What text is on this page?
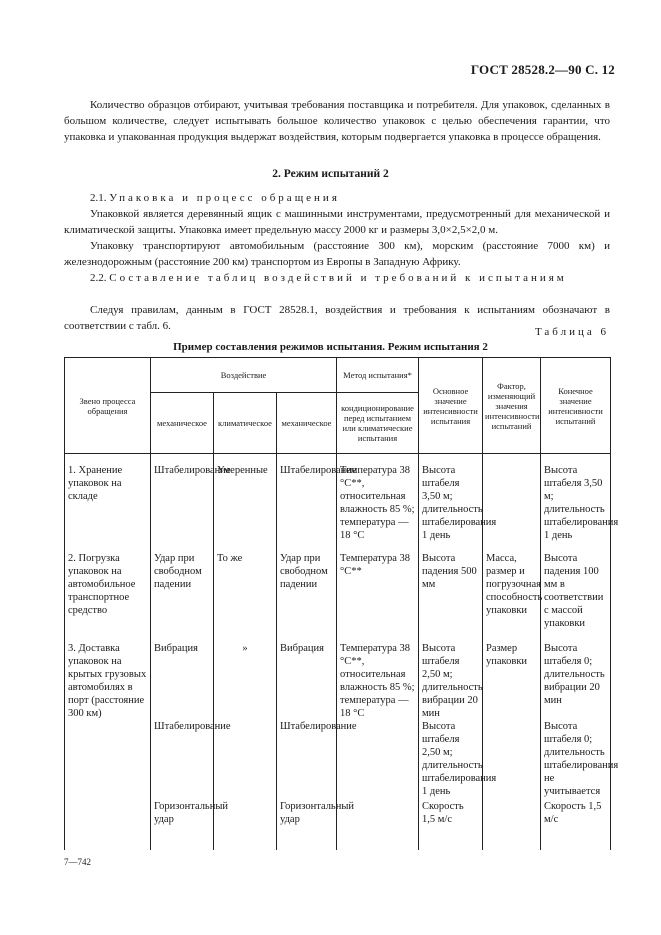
ГОСТ 28528.2—90 С. 12

Количество образцов отбирают, учитывая требования поставщика и потребителя. Для упаковок, сделанных в большом количестве, следует испытывать большое количество упаковок с целью обеспечения гарантии, что упаковка и упакованная продукция выдержат воздействия, которым подвергается упаковка в процессе обращения.

2. Режим испытаний 2

2.1. Упаковка и процесс обращения

Упаковкой является деревянный ящик с машинными инструментами, предусмотренный для механической и климатической защиты. Упаковка имеет предельную массу 2000 кг и размеры 3,0×2,5×2,0 м.

Упаковку транспортируют автомобильным (расстояние 300 км), морским (расстояние 7000 км) и железнодорожным (расстояние 200 км) транспортом из Европы в Западную Африку.

2.2. Составление таблиц воздействий и требований к испытаниям

Следуя правилам, данным в ГОСТ 28528.1, воздействия и требования к испытаниям обозначают в соответствии с табл. 6.	Таблица 6
Пример составления режимов испытания. Режим испытания 2
Звено процесса обращения	Воздействие			Метод испытания*	Основное значение интенсивности испытания	Фактор, изменяющий значения интенсивности испытаний	Конечное значение интенсивности испытаний
	механическое	климатическое	механическое	кондиционирование перед испытанием или климатические испытания			

1. Хранение упаковок на складе	Штабелирование	Умеренные	Штабелирование	Температура 38 °С**, относительная влажность 85 %; температура — 18 °С	Высота штабеля 3,50 м; длительность штабелирования 1 день		Высота штабеля 3,50 м; длительность штабелирования 1 день
2. Погрузка упаковок на автомобильное транспортное средство	Удар при свободном падении	То же	Удар при свободном падении	Температура 38 °С**	Высота падения 500 мм	Масса, размер и погрузочная способность упаковки	Высота падения 100 мм в соответствии с массой упаковки
3. Доставка упаковок на крытых грузовых автомобилях в порт (расстояние 300 км)	Вибрация	»	Вибрация	Температура 38 °С**, относительная влажность 85 %; температура — 18 °С	Высота штабеля 2,50 м; длительность вибрации 20 мин	Размер упаковки	Высота штабеля 0; длительность вибрации 20 мин
	Штабелирование		Штабелирование		Высота штабеля 2,50 м; длительность штабелирования 1 день		Высота штабеля 0; длительность штабелирования не учитывается
	Горизонтальный удар		Горизонтальный удар		Скорость 1,5 м/с		Скорость 1,5 м/с
7—742
